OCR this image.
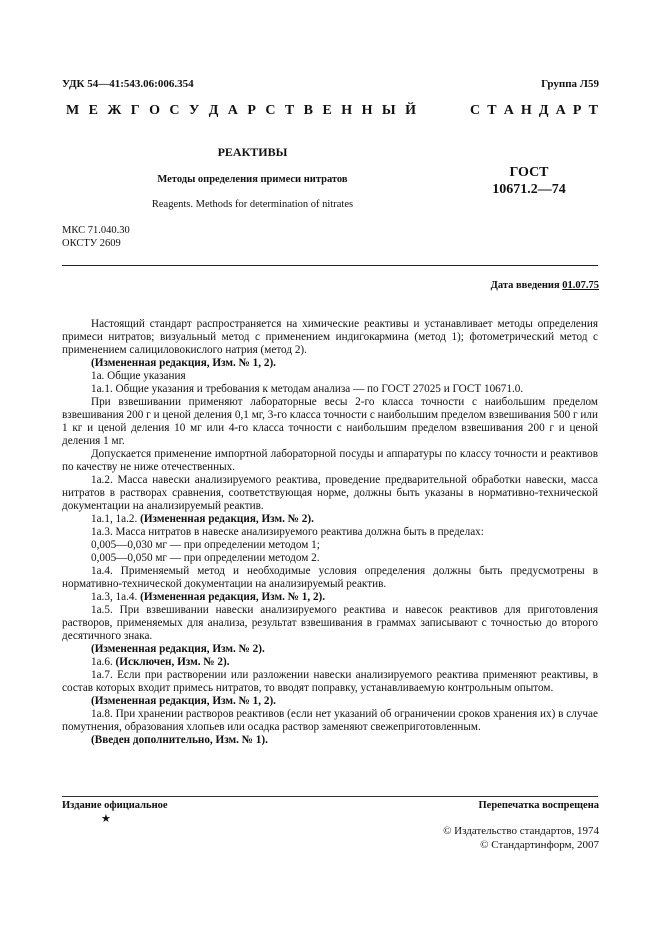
УДК 54—41:543.06:006.354	Группа Л59
М Е Ж Г О С У Д А Р С Т В Е Н Н Ы Й	С Т А Н Д А Р Т
РЕАКТИВЫ
Методы определения примеси нитратов
Reagents. Methods for determination of nitrates
ГОСТ
10671.2—74
МКС 71.040.30
ОКСТУ 2609
Дата введения 01.07.75

Настоящий стандарт распространяется на химические реактивы и устанавливает методы определения примеси нитратов; визуальный метод с применением индигокармина (метод 1); фотометрический метод с применением салициловокислого натрия (метод 2).

(Измененная редакция, Изм. № 1, 2).

1а. Общие указания

1а.1. Общие указания и требования к методам анализа — по ГОСТ 27025 и ГОСТ 10671.0.

При взвешивании применяют лабораторные весы 2-го класса точности с наибольшим пределом взвешивания 200 г и ценой деления 0,1 мг, 3-го класса точности с наибольшим пределом взвешивания 500 г или 1 кг и ценой деления 10 мг или 4-го класса точности с наибольшим пределом взвешивания 200 г и ценой деления 1 мг.

Допускается применение импортной лабораторной посуды и аппаратуры по классу точности и реактивов по качеству не ниже отечественных.

1а.2. Масса навески анализируемого реактива, проведение предварительной обработки навески, масса нитратов в растворах сравнения, соответствующая норме, должны быть указаны в нормативно-технической документации на анализируемый реактив.

1а.1, 1а.2. (Измененная редакция, Изм. № 2).

1а.3. Масса нитратов в навеске анализируемого реактива должна быть в пределах:

0,005—0,030 мг — при определении методом 1;

0,005—0,050 мг — при определении методом 2.

1а.4. Применяемый метод и необходимые условия определения должны быть предусмотрены в нормативно-технической документации на анализируемый реактив.

1а.3, 1а.4. (Измененная редакция, Изм. № 1, 2).

1а.5. При взвешивании навески анализируемого реактива и навесок реактивов для приготовления растворов, применяемых для анализа, результат взвешивания в граммах записывают с точностью до второго десятичного знака.

(Измененная редакция, Изм. № 2).

1а.6. (Исключен, Изм. № 2).

1а.7. Если при растворении или разложении навески анализируемого реактива применяют реактивы, в состав которых входит примесь нитратов, то вводят поправку, устанавливаемую контрольным опытом.

(Измененная редакция, Изм. № 1, 2).

1а.8. При хранении растворов реактивов (если нет указаний об ограничении сроков хранения их) в случае помутнения, образования хлопьев или осадка раствор заменяют свежеприготовленным.

(Введен дополнительно, Изм. № 1).

Издание официальное	Перепечатка воспрещена
★
© Издательство стандартов, 1974
© Стандартинформ, 2007
